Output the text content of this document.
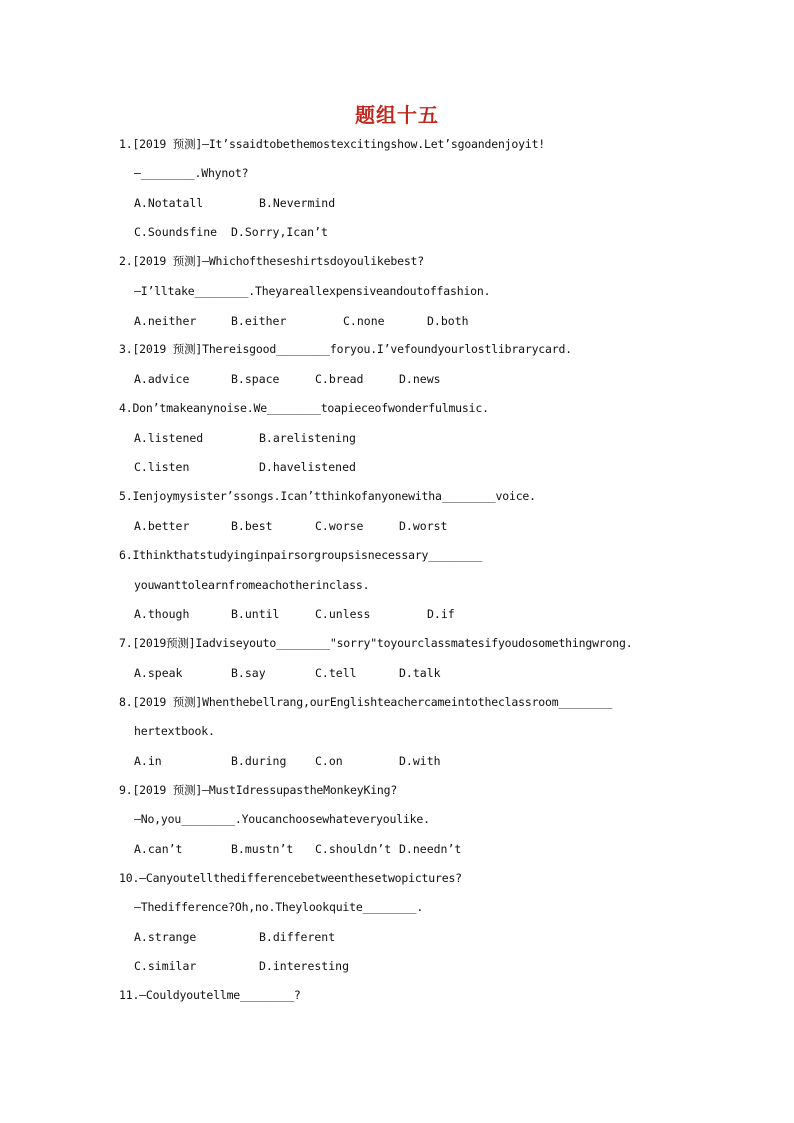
题组十五
1.[2019 预测]—It’ssaidtobethemostexcitingshow.Let’sgoandenjoyit!
—________.Whynot?

A.Notatall

	B.Nevermind

C.Soundsfine

D.Sorry,Ican’t

2.[2019 预测]—Whichoftheseshirtsdoyoulikebest?
—I’lltake________.Theyareallexpensiveandoutoffashion.

A.neither

	B.either

	C.none

	D.both

3.[2019 预测]Thereisgood________foryou.I’vefoundyourlostlibrarycard.

A.advice

	B.space

	C.bread

	D.news

4.Don’tmakeanynoise.We________toapieceofwonderfulmusic.

A.listened

	B.arelistening

C.listen

	D.havelistened

5.Ienjoymysister’ssongs.Ican’tthinkofanyonewitha________voice.

A.better

	B.best

	C.worse

	D.worst

6.Ithinkthatstudyinginpairsorgroupsisnecessary________
youwanttolearnfromeachotherinclass.

A.though

	B.until

	C.unless

	D.if

7.[2019预测]Iadviseyouto________"sorry"toyourclassmatesifyoudosomethingwrong.

A.speak

	B.say

	C.tell

	D.talk

8.[2019 预测]Whenthebellrang,ourEnglishteachercameintotheclassroom________
hertextbook.

A.in

	B.during

C.on

	D.with

9.[2019 预测]—MustIdressupastheMonkeyKing?
—No,you________.Youcanchoosewhateveryoulike.

A.can’t

	B.mustn’t

C.shouldn’t

D.needn’t

10.—Canyoutellthedifferencebetweenthesetwopictures?
—Thedifference?Oh,no.Theylookquite________.

A.strange

	B.different

C.similar

	D.interesting

11.—Couldyoutellme________?
